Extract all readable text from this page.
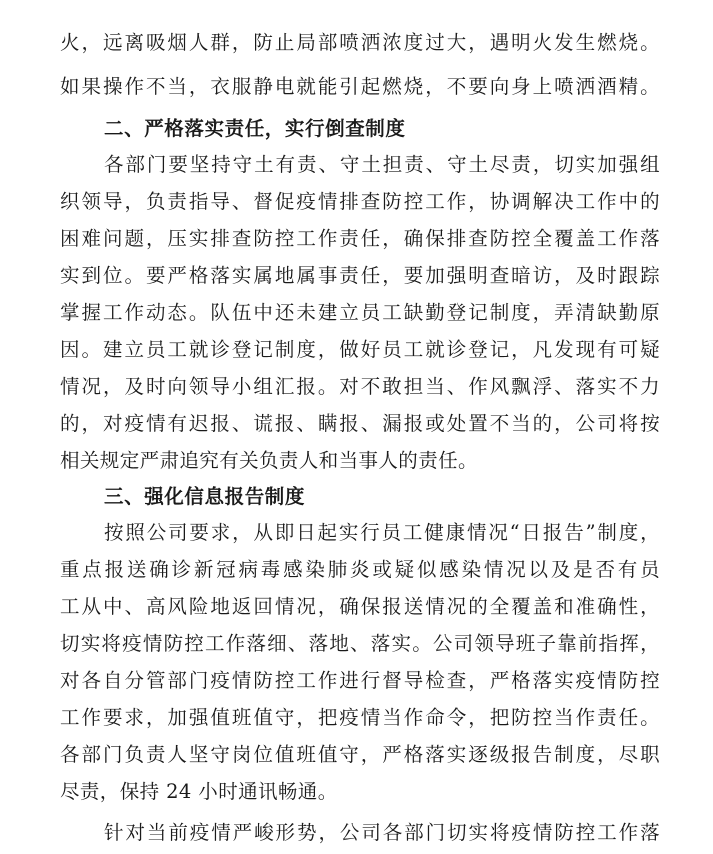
火，远离吸烟人群，防止局部喷洒浓度过大，遇明火发生燃烧。
如果操作不当，衣服静电就能引起燃烧，不要向身上喷洒酒精。
二、严格落实责任，实行倒查制度
各部门要坚持守土有责、守土担责、守土尽责，切实加强组
织领导，负责指导、督促疫情排查防控工作，协调解决工作中的
困难问题，压实排查防控工作责任，确保排查防控全覆盖工作落
实到位。要严格落实属地属事责任，要加强明查暗访，及时跟踪
掌握工作动态。队伍中还未建立员工缺勤登记制度，弄清缺勤原
因。建立员工就诊登记制度，做好员工就诊登记，凡发现有可疑
情况，及时向领导小组汇报。对不敢担当、作风飘浮、落实不力
的，对疫情有迟报、谎报、瞒报、漏报或处置不当的，公司将按
相关规定严肃追究有关负责人和当事人的责任。
三、强化信息报告制度
按照公司要求，从即日起实行员工健康情况“日报告”制度，
重点报送确诊新冠病毒感染肺炎或疑似感染情况以及是否有员
工从中、高风险地返回情况，确保报送情况的全覆盖和准确性，
切实将疫情防控工作落细、落地、落实。公司领导班子靠前指挥，
对各自分管部门疫情防控工作进行督导检查，严格落实疫情防控
工作要求，加强值班值守，把疫情当作命令，把防控当作责任。
各部门负责人坚守岗位值班值守，严格落实逐级报告制度，尽职
尽责，保持 24 小时通讯畅通。
针对当前疫情严峻形势，公司各部门切实将疫情防控工作落
